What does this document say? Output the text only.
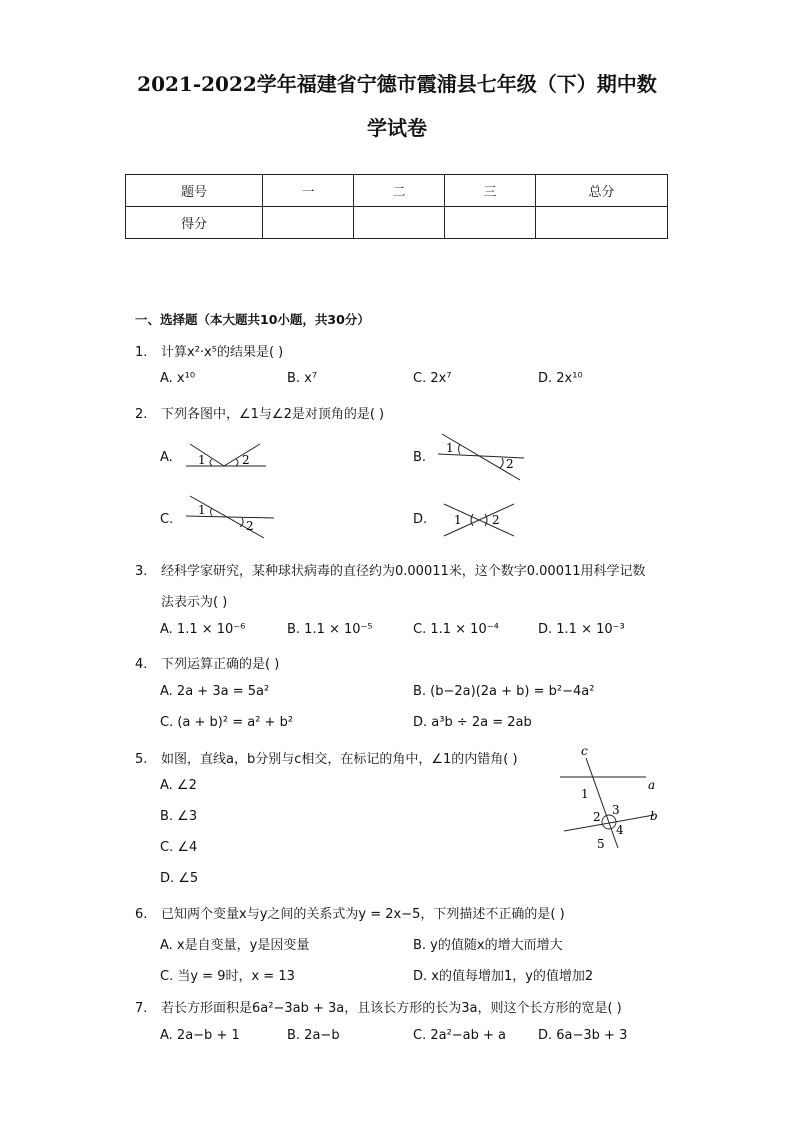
2021-2022学年福建省宁德市霞浦县七年级（下）期中数
学试卷
题号	一	二	三	总分
得分				
一、选择题（本大题共10小题，共30分）
1. 计算x²·x⁵的结果是( )
A. x¹⁰	B. x⁷	C. 2x⁷	D. 2x¹⁰
2. 下列各图中，∠1与∠2是对顶角的是( )
A.	B.
C.	D.
1	2
1
2
1
2	1	2
3. 经科学家研究，某种球状病毒的直径约为0.00011米，这个数字0.00011用科学记数
法表示为( )
A. 1.1 × 10⁻⁶	B. 1.1 × 10⁻⁵	C. 1.1 × 10⁻⁴	D. 1.1 × 10⁻³
4. 下列运算正确的是( )
A. 2a + 3a = 5a²	B. (b−2a)(2a + b) = b²−4a²
C. (a + b)² = a² + b²	D. a³b ÷ 2a = 2ab
5. 如图，直线a，b分别与c相交，在标记的角中，∠1的内错角( )
A. ∠2
B. ∠3
C. ∠4
D. ∠5
c
a
b
1
2 3
4
5
6. 已知两个变量x与y之间的关系式为y = 2x−5，下列描述不正确的是( )
A. x是自变量，y是因变量	B. y的值随x的增大而增大
C. 当y = 9时，x = 13	D. x的值每增加1，y的值增加2
7. 若长方形面积是6a²−3ab + 3a，且该长方形的长为3a，则这个长方形的宽是( )
A. 2a−b + 1	B. 2a−b	C. 2a²−ab + a D. 6a−3b + 3
